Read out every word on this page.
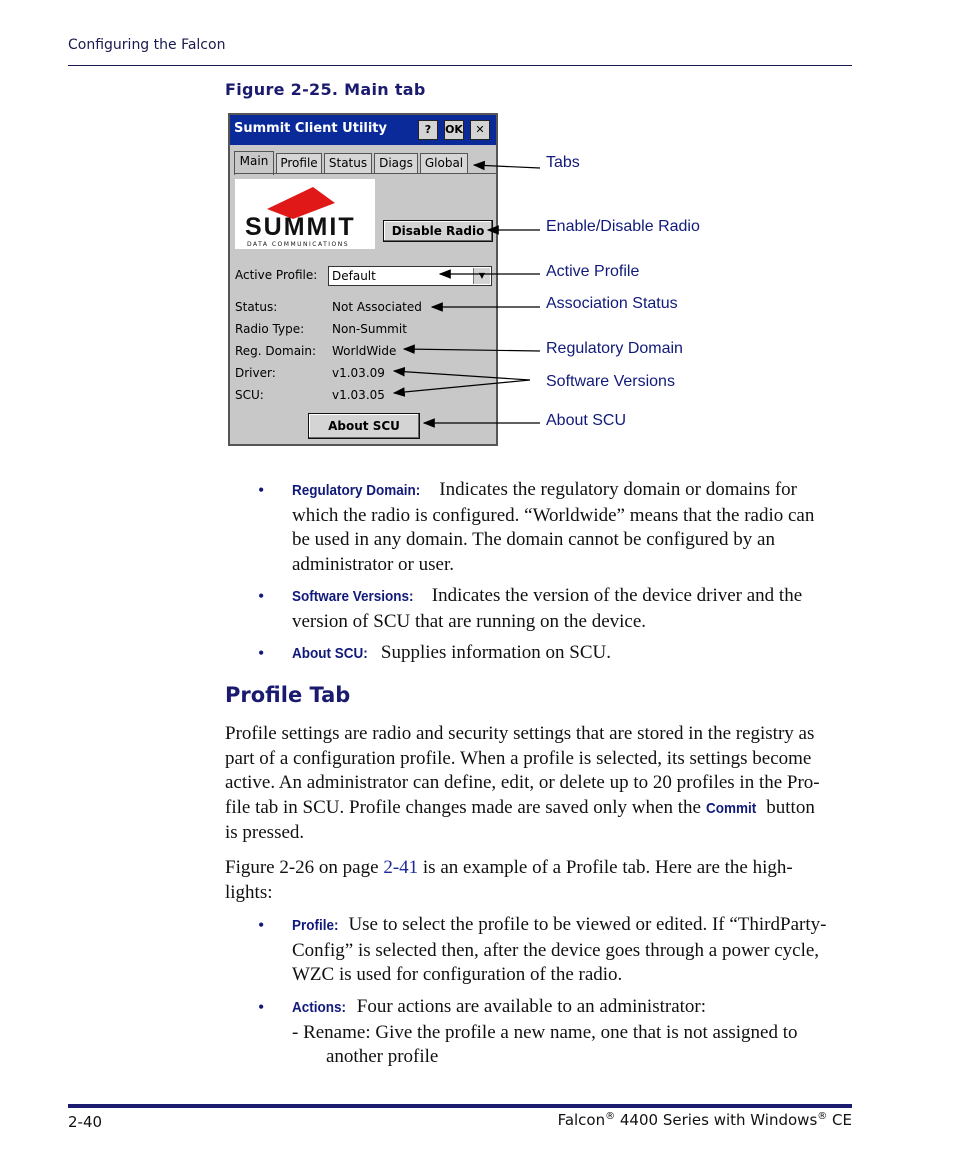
Configuring the Falcon
Figure 2-25. Main tab
Summit Client Utility	?	OK	✕
Main	Profile Status Diags Global
SUMMIT
DATA COMMUNICATIONS
Disable Radio
Active Profile:	Default	▼
Status:	Not Associated
Radio Type: Non-Summit
Reg. Domain: WorldWide
Driver:	v1.03.09
SCU:	v1.03.05
About SCU
Tabs
Enable/Disable Radio
Active Profile
Association Status
Regulatory Domain
Software Versions
About SCU
• Regulatory Domain: Indicates the regulatory domain or domains for
which the radio is configured. “Worldwide” means that the radio can
be used in any domain. The domain cannot be configured by an
administrator or user.
• Software Versions: Indicates the version of the device driver and the
version of SCU that are running on the device.
• About SCU: Supplies information on SCU.
Profile Tab
Profile settings are radio and security settings that are stored in the registry as
part of a configuration profile. When a profile is selected, its settings become
active. An administrator can define, edit, or delete up to 20 profiles in the Pro-
file tab in SCU. Profile changes made are saved only when the Commit button
is pressed.
Figure 2-26 on page 2-41 is an example of a Profile tab. Here are the high-
lights:
• Profile: Use to select the profile to be viewed or edited. If “ThirdParty-
Config” is selected then, after the device goes through a power cycle,
WZC is used for configuration of the radio.
• Actions: Four actions are available to an administrator:
- Rename: Give the profile a new name, one that is not assigned to
another profile
2-40	Falcon® 4400 Series with Windows® CE
